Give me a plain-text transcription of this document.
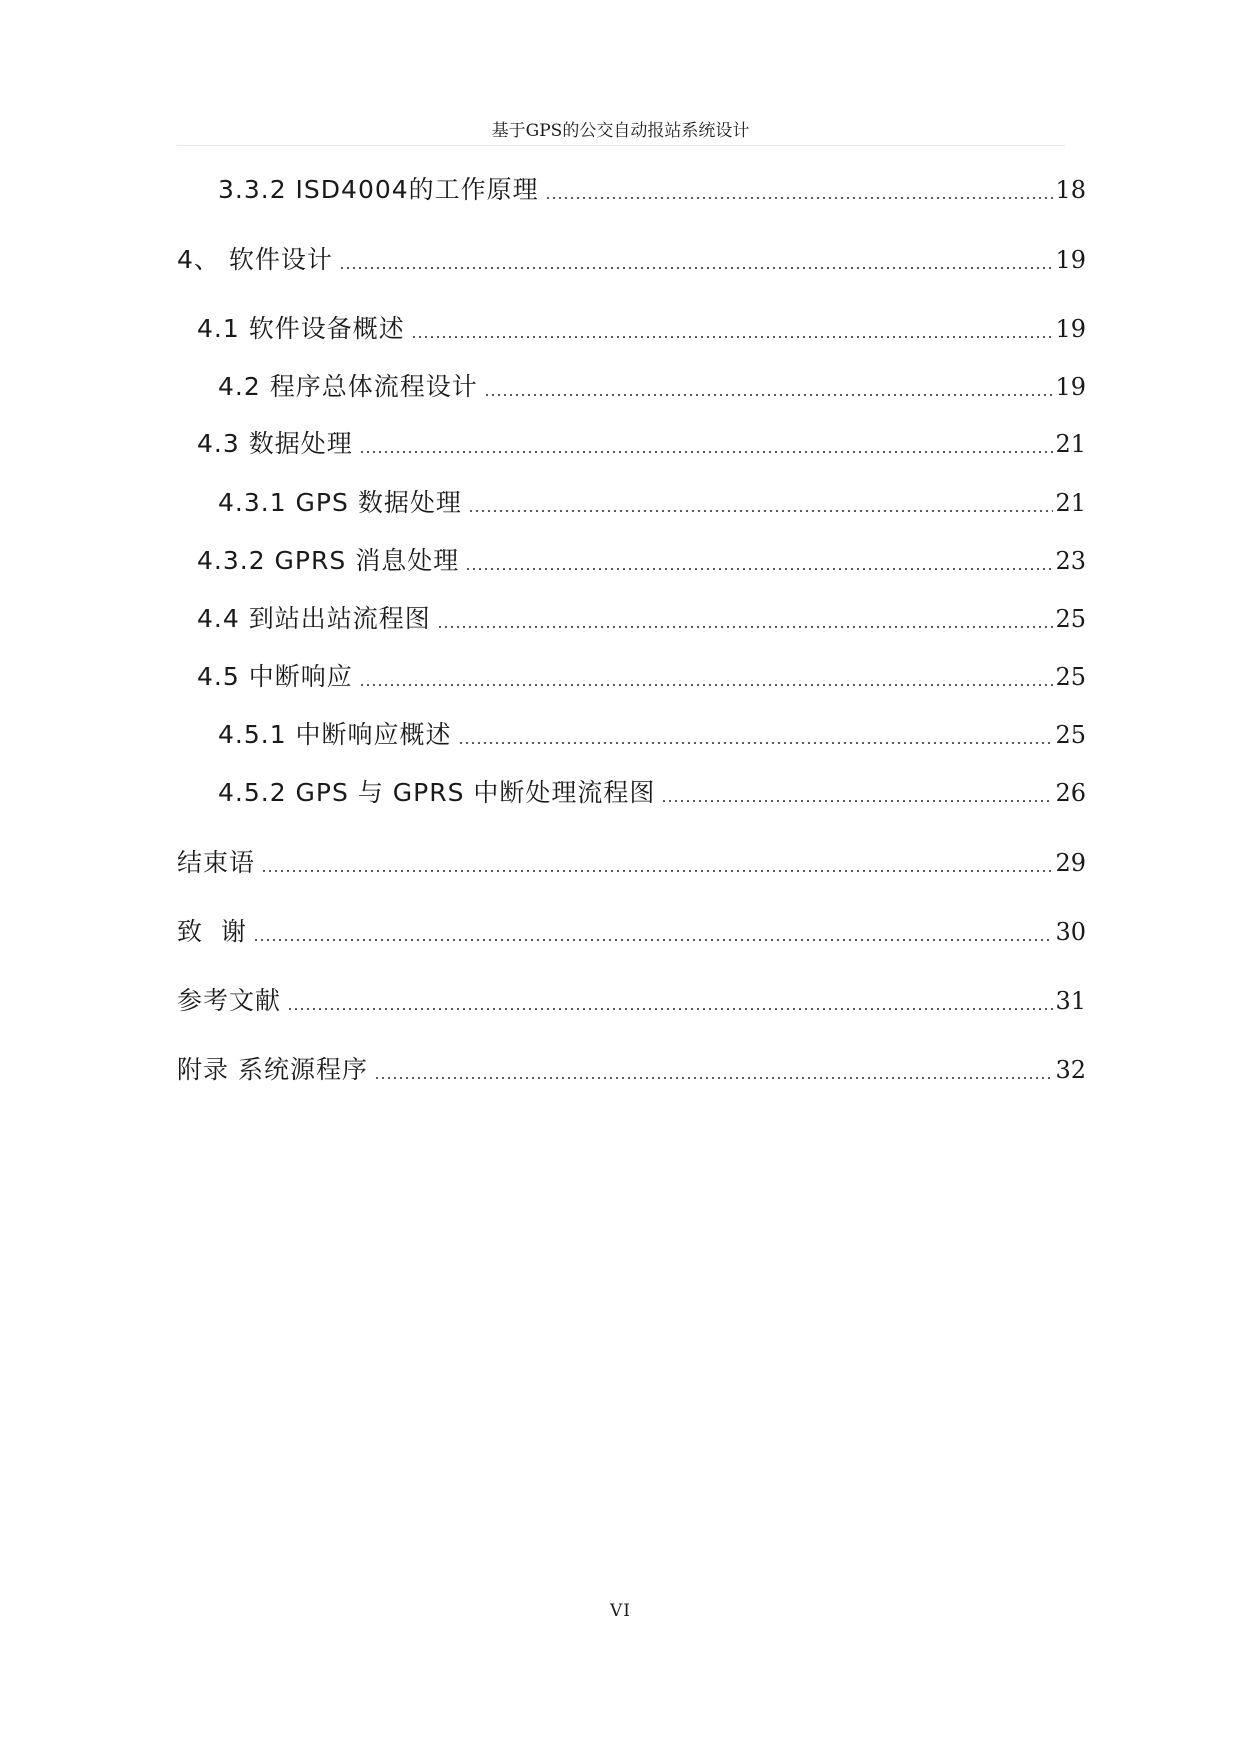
基于GPS的公交自动报站系统设计
3.3.2 ISD4004的工作原理	18
4、 软件设计	19
4.1 软件设备概述	19
4.2 程序总体流程设计	19
4.3 数据处理	21
4.3.1 GPS 数据处理	21
4.3.2 GPRS 消息处理	23
4.4 到站出站流程图	25
4.5 中断响应	25
4.5.1 中断响应概述	25
4.5.2 GPS 与 GPRS 中断处理流程图	26
结束语	29
致  谢	30
参考文献	31
附录 系统源程序	32
VI
